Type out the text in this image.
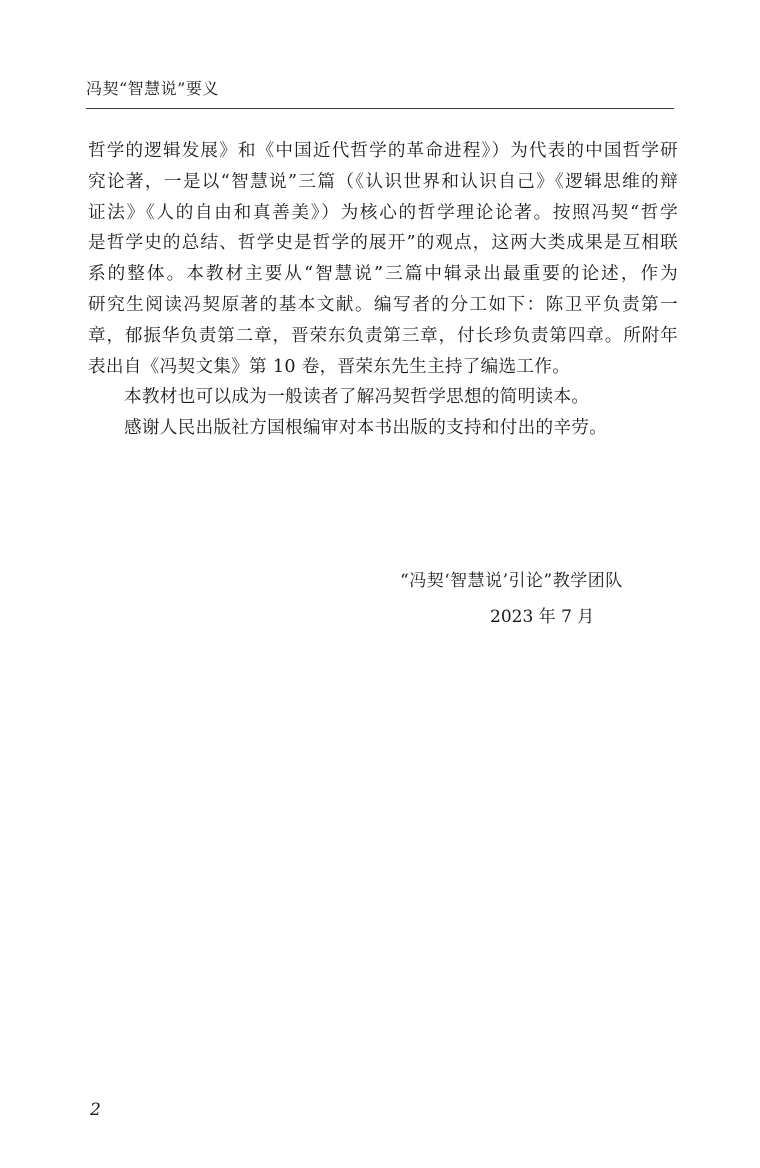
冯契“智慧说”要义
哲学的逻辑发展》和《中国近代哲学的革命进程》）为代表的中国哲学研
究论著，一是以“智慧说”三篇（《认识世界和认识自己》《逻辑思维的辩
证法》《人的自由和真善美》）为核心的哲学理论论著。按照冯契“哲学
是哲学史的总结、哲学史是哲学的展开”的观点，这两大类成果是互相联
系的整体。本教材主要从“智慧说”三篇中辑录出最重要的论述，作为
研究生阅读冯契原著的基本文献。编写者的分工如下：陈卫平负责第一
章，郁振华负责第二章，晋荣东负责第三章，付长珍负责第四章。所附年
表出自《冯契文集》第 10 卷，晋荣东先生主持了编选工作。
本教材也可以成为一般读者了解冯契哲学思想的简明读本。
感谢人民出版社方国根编审对本书出版的支持和付出的辛劳。
“冯契‘智慧说’引论”教学团队
2023 年 7 月
2
